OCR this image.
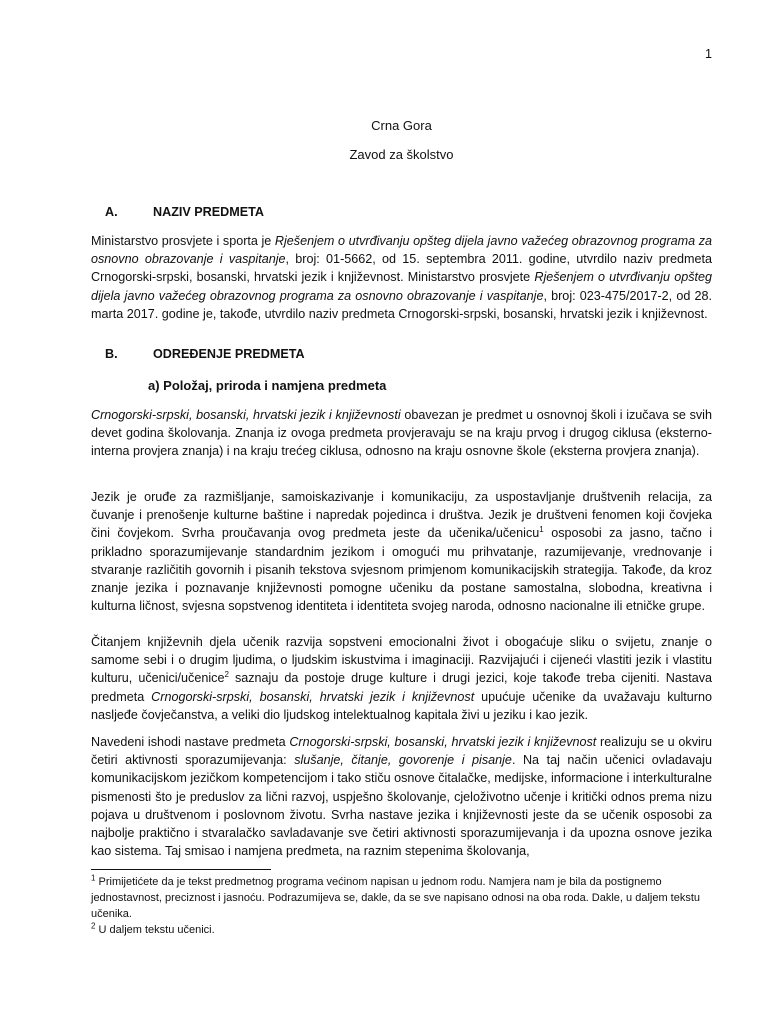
1
Crna Gora
Zavod za školstvo
A.	NAZIV PREDMETA
Ministarstvo prosvjete i sporta je Rješenjem o utvrđivanju opšteg dijela javno važećeg obrazovnog programa za osnovno obrazovanje i vaspitanje, broj: 01-5662, od 15. septembra 2011. godine, utvrdilo naziv predmeta Crnogorski-srpski, bosanski, hrvatski jezik i književnost. Ministarstvo prosvjete Rješenjem o utvrđivanju opšteg dijela javno važećeg obrazovnog programa za osnovno obrazovanje i vaspitanje, broj: 023-475/2017-2, od 28. marta 2017. godine je, takođe, utvrdilo naziv predmeta Crnogorski-srpski, bosanski, hrvatski jezik i književnost.
B.	ODREĐENJE PREDMETA
a) Položaj, priroda i namjena predmeta
Crnogorski-srpski, bosanski, hrvatski jezik i književnosti obavezan je predmet u osnovnoj školi i izučava se svih devet godina školovanja. Znanja iz ovoga predmeta provjeravaju se na kraju prvog i drugog ciklusa (eksterno-interna provjera znanja) i na kraju trećeg ciklusa, odnosno na kraju osnovne škole (eksterna provjera znanja).
Jezik je oruđe za razmišljanje, samoiskazivanje i komunikaciju, za uspostavljanje društvenih relacija, za čuvanje i prenošenje kulturne baštine i napredak pojedinca i društva. Jezik je društveni fenomen koji čovjeka čini čovjekom. Svrha proučavanja ovog predmeta jeste da učenika/učenicu$^1$ osposobi za jasno, tačno i prikladno sporazumijevanje standardnim jezikom i omogući mu prihvatanje, razumijevanje, vrednovanje i stvaranje različitih govornih i pisanih tekstova svjesnom primjenom komunikacijskih strategija. Takođe, da kroz znanje jezika i poznavanje književnosti pomogne učeniku da postane samostalna, slobodna, kreativna i kulturna ličnost, svjesna sopstvenog identiteta i identiteta svojeg naroda, odnosno nacionalne ili etničke grupe.
Čitanjem književnih djela učenik razvija sopstveni emocionalni život i obogaćuje sliku o svijetu, znanje o samome sebi i o drugim ljudima, o ljudskim iskustvima i imaginaciji. Razvijajući i cijeneći vlastiti jezik i vlastitu kulturu, učenici/učenice$^2$ saznaju da postoje druge kulture i drugi jezici, koje takođe treba cijeniti. Nastava predmeta Crnogorski-srpski, bosanski, hrvatski jezik i književnost upućuje učenike da uvažavaju kulturno nasljeđe čovječanstva, a veliki dio ljudskog intelektualnog kapitala živi u jeziku i kao jezik.
Navedeni ishodi nastave predmeta Crnogorski-srpski, bosanski, hrvatski jezik i književnost realizuju se u okviru četiri aktivnosti sporazumijevanja: slušanje, čitanje, govorenje i pisanje. Na taj način učenici ovladavaju komunikacijskom jezičkom kompetencijom i tako stiču osnove čitalačke, medijske, informacione i interkulturalne pismenosti što je preduslov za lični razvoj, uspješno školovanje, cjeloživotno učenje i kritički odnos prema nizu pojava u društvenom i poslovnom životu. Svrha nastave jezika i književnosti jeste da se učenik osposobi za najbolje praktično i stvaralačko savladavanje sve četiri aktivnosti sporazumijevanja i da upozna osnove jezika kao sistema. Taj smisao i namjena predmeta, na raznim stepenima školovanja,

$^1$ Primijetićete da je tekst predmetnog programa većinom napisan u jednom rodu. Namjera nam je bila da postignemo jednostavnost, preciznost i jasnoću. Podrazumijeva se, dakle, da se sve napisano odnosi na oba roda. Dakle, u daljem tekstu učenika.

$^2$ U daljem tekstu učenici.
